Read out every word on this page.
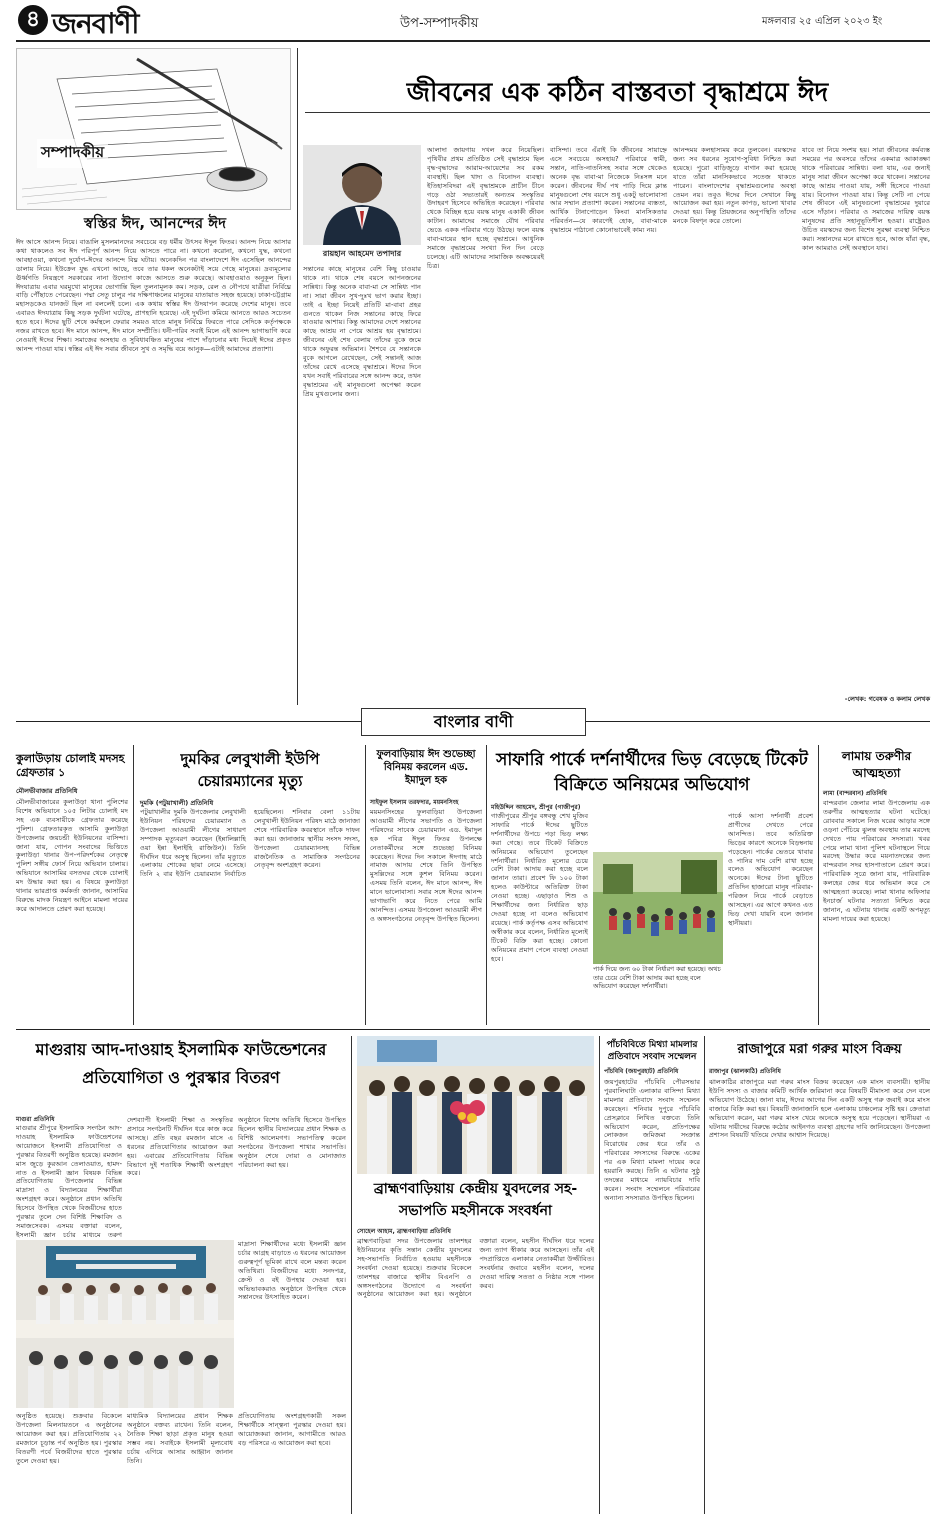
৪ জনবাণী	উপ-সম্পাদকীয়	মঙ্গলবার ২৫ এপ্রিল ২০২৩ ইং
সম্পাদকীয়
স্বস্তির ঈদ, আনন্দের ঈদ
ঈদ আসে আনন্দ নিয়ে। বাঙালি মুসলমানদের সবচেয়ে বড় ধর্মীয় উৎসব ঈদুল ফিতর। আনন্দ নিয়ে আসার কথা থাকলেও সব ঈদ পরিপূর্ণ আনন্দ নিয়ে আসতে পারে না। কখনো করোনা, কখনো যুদ্ধ, কখনো আবহাওয়া, কখনো দুর্যোগ–ঈদের আনন্দে বিঘ্ন ঘটায়। অনেকদিন পর বাংলাদেশে ঈদ এসেছিল আনন্দের ডালায় নিয়ে। ইউক্রেন যুদ্ধ এখনো আছে, তবে তার ধকল অনেকটাই সয়ে গেছে মানুষের। দ্রব্যমূল্যের ঊর্ধ্বগতি নিয়ন্ত্রণে সরকারের নানা উদ্যোগ কাজে আসতে শুরু করেছে। আবহাওয়াও অনুকূল ছিল। ঈদযাত্রায় এবার ঘরমুখো মানুষের ভোগান্তি ছিল তুলনামূলক কম। সড়ক, রেল ও নৌপথে যাত্রীরা নির্বিঘ্নে বাড়ি পৌঁছাতে পেরেছেন। পদ্মা সেতু চালুর পর দক্ষিণাঞ্চলের মানুষের যাতায়াত সহজ হয়েছে। ঢাকা-চট্টগ্রাম মহাসড়কেও যানজট ছিল না বললেই চলে। এক কথায় স্বস্তির ঈদ উদযাপন করেছে দেশের মানুষ। তবে এবারও ঈদযাত্রায় কিছু সড়ক দুর্ঘটনা ঘটেছে, প্রাণহানি হয়েছে। এই দুর্ঘটনা কমিয়ে আনতে আরও সচেতন হতে হবে। ঈদের ছুটি শেষে কর্মস্থলে ফেরার সময়ও যাতে মানুষ নির্বিঘ্নে ফিরতে পারে সেদিকে কর্তৃপক্ষকে নজর রাখতে হবে। ঈদ মানে আনন্দ, ঈদ মানে সম্প্রীতি। ধনী-গরিব সবাই মিলে এই আনন্দ ভাগাভাগি করে নেওয়াই ঈদের শিক্ষা। সমাজের অসহায় ও সুবিধাবঞ্চিত মানুষের পাশে দাঁড়ানোর মধ্য দিয়েই ঈদের প্রকৃত আনন্দ পাওয়া যায়। স্বস্তির এই ঈদ সবার জীবনে সুখ ও সমৃদ্ধি বয়ে আনুক—এটাই আমাদের প্রত্যাশা।
জীবনের এক কঠিন বাস্তবতা বৃদ্ধাশ্রমে ঈদ
রায়হান আহমেদ তপাদার
সন্তানের কাছে মানুষের বেশি কিছু চাওয়ার থাকে না। থাকে শেষ বয়সে আপনজনের সান্নিধ্য। কিন্তু অনেক বাবা-মা সে সান্নিধ্য পান না। সারা জীবন সুখ-দুঃখ ভাগ করার ইচ্ছা। তাই এ ইচ্ছা নিয়েই প্রতিটি মা-বাবা প্রহর গুনতে থাকেন নিজ সন্তানের কাছে ফিরে যাওয়ার আশায়। কিন্তু আমাদের দেশে সন্তানের কাছে আশ্রয় না পেয়ে আশ্রয় হয় বৃদ্ধাশ্রমে। জীবনের এই শেষ বেলায় তাঁদের বুকে জমে থাকে অফুরন্ত অভিমান। শৈশবে যে সন্তানকে বুকে আগলে রেখেছেন, সেই সন্তানই আজ তাঁদের রেখে এসেছে বৃদ্ধাশ্রমে। ঈদের দিনে যখন সবাই পরিবারের সঙ্গে আনন্দ করে, তখন বৃদ্ধাশ্রমের এই মানুষগুলো অপেক্ষা করেন প্রিয় মুখগুলোর জন্য।
আলাদা জায়গায় দখল করে নিয়েছিল। পৃথিবীর প্রথম প্রতিষ্ঠিত সেই বৃদ্ধাশ্রমে ছিল বৃদ্ধ-বৃদ্ধাদের আরাম-আয়েশের সব রকম ব্যবস্থাই। ছিল খাদ্য ও বিনোদন ব্যবস্থা। ইতিহাসবিদরা এই বৃদ্ধাশ্রমকে প্রাচীন চীনে গড়ে ওঠা সভ্যতারই অন্যতম সংস্কৃতির উদাহরণ হিসেবে অভিহিত করেছেন। পরিবার থেকে বিচ্ছিন্ন হয়ে বয়স্ক মানুষ একাকী জীবন কাটান। আমাদের সমাজে যৌথ পরিবার ভেঙে একক পরিবার গড়ে উঠছে। ফলে বয়স্ক বাবা-মায়ের স্থান হচ্ছে বৃদ্ধাশ্রমে। আধুনিক সমাজে বৃদ্ধাশ্রমের সংখ্যা দিন দিন বেড়ে চলেছে। এটি আমাদের সামাজিক অবক্ষয়েরই চিত্র।
বাসিন্দা। তবে এঁরাই কি জীবনের সায়াহ্নে এসে সবচেয়ে অসহায়? পরিবারে স্বামী, সন্তান, নাতি-নাতনিসহ সবার সঙ্গে থেকেও অনেক বৃদ্ধ বাবা-মা নিজেকে নিঃসঙ্গ মনে করেন। জীবনের দীর্ঘ পথ পাড়ি দিয়ে ক্লান্ত মানুষগুলো শেষ বয়সে শুধু একটু ভালোবাসা আর সম্মান প্রত্যাশা করেন। সন্তানের ব্যস্ততা, আর্থিক টানাপোড়েন কিংবা মানসিকতার পরিবর্তন—যে কারণেই হোক, বাবা-মাকে বৃদ্ধাশ্রমে পাঠানো কোনোভাবেই কাম্য নয়।
আনন্দময় কলহাস্যময় করে তুলবেন। বয়স্কদের জন্য সব ধরনের সুযোগ-সুবিধা নিশ্চিত করা হয়েছে। পুরো বাড়িজুড়ে বাগান করা হয়েছে যাতে তাঁরা মানসিকভাবে সতেজ থাকতে পারেন। বাংলাদেশের বৃদ্ধাশ্রমগুলোর অবস্থা তেমন নয়। তবুও ঈদের দিনে সেখানে কিছু আয়োজন করা হয়। নতুন কাপড়, ভালো খাবার দেওয়া হয়। কিন্তু প্রিয়জনের অনুপস্থিতি তাঁদের মনকে বিষণ্ন করে তোলে।
যাবে তা নিয়ে সংশয় হয়। সারা জীবনের কর্মব্যস্ত সময়ের পর অবসরে তাঁদের একমাত্র আকাঙ্ক্ষা থাকে পরিবারের সান্নিধ্য। বলা যায়, এর জন্যই মানুষ সারা জীবন অপেক্ষা করে থাকেন। সন্তানের কাছে আশ্রয় পাওয়া যায়, সঙ্গী হিসেবে পাওয়া যায়। বিনোদন পাওয়া যায়। কিন্তু সেটি না পেয়ে শেষ জীবনে এই মানুষগুলো বৃদ্ধাশ্রমের দুয়ারে এসে দাঁড়ান। পরিবার ও সমাজের দায়িত্ব বয়স্ক মানুষদের প্রতি সহানুভূতিশীল হওয়া। রাষ্ট্রেরও উচিত বয়স্কদের জন্য বিশেষ সুরক্ষা ব্যবস্থা নিশ্চিত করা। সন্তানদের মনে রাখতে হবে, আজ যাঁরা বৃদ্ধ, কাল আমরাও সেই অবস্থানে যাব।
-লেখক: গবেষক ও কলাম লেখক
বাংলার বাণী
কুলাউড়ায় চোলাই মদসহ গ্রেফতার ১
মৌলভীবাজার প্রতিনিধি
মৌলভীবাজারের কুলাউড়া থানা পুলিশের বিশেষ অভিযানে ১০৫ লিটার চোলাই মদ সহ এক ব্যবসায়ীকে গ্রেফতার করেছে পুলিশ। গ্রেফতারকৃত আসামি কুলাউড়া উপজেলার জয়চন্ডী ইউনিয়নের বাসিন্দা। জানা যায়, গোপন সংবাদের ভিত্তিতে কুলাউড়া থানার উপ-পরিদর্শকের নেতৃত্বে পুলিশ সঙ্গীয় ফোর্স নিয়ে অভিযান চালায়। অভিযানে আসামির বসতঘর থেকে চোলাই মদ উদ্ধার করা হয়। এ বিষয়ে কুলাউড়া থানার ভারপ্রাপ্ত কর্মকর্তা জানান, আসামির বিরুদ্ধে মাদক নিয়ন্ত্রণ আইনে মামলা দায়ের করে আদালতে প্রেরণ করা হয়েছে।
দুমকির লেবুখালী ইউপি চেয়ারম্যানের মৃত্যু
দুমকি (পটুয়াখালী) প্রতিনিধি
পটুয়াখালীর দুমকি উপজেলার লেবুখালী ইউনিয়ন পরিষদের চেয়ারম্যান ও উপজেলা আওয়ামী লীগের সাধারণ সম্পাদক মৃত্যুবরণ করেছেন (ইন্নালিল্লাহি ওয়া ইন্না ইলাইহি রাজিউন)। তিনি দীর্ঘদিন ধরে অসুস্থ ছিলেন। তাঁর মৃত্যুতে এলাকায় শোকের ছায়া নেমে এসেছে। তিনি ২ বার ইউপি চেয়ারম্যান নির্বাচিত হয়েছিলেন। শনিবার বেলা ১১টায় লেবুখালী ইউনিয়ন পরিষদ মাঠে জানাজা শেষে পারিবারিক কবরস্থানে তাঁকে দাফন করা হয়। জানাজায় স্থানীয় সংসদ সদস্য, উপজেলা চেয়ারম্যানসহ বিভিন্ন রাজনৈতিক ও সামাজিক সংগঠনের নেতৃবৃন্দ অংশগ্রহণ করেন।
ফুলবাড়িয়ায় ঈদ শুভেচ্ছা বিনিময় করলেন এড. ইমাদুল হক
সাইফুল ইসলাম তরফদার, ময়মনসিংহ
ময়মনসিংহের ফুলবাড়িয়া উপজেলা আওয়ামী লীগের সভাপতি ও উপজেলা পরিষদের সাবেক চেয়ারম্যান এড. ইমাদুল হক পবিত্র ঈদুল ফিতর উপলক্ষে নেতাকর্মীদের সঙ্গে শুভেচ্ছা বিনিময় করেছেন। ঈদের দিন সকালে ঈদগাহ মাঠে নামাজ আদায় শেষে তিনি উপস্থিত মুসল্লিদের সঙ্গে কুশল বিনিময় করেন। এসময় তিনি বলেন, ঈদ মানে আনন্দ, ঈদ মানে ভালোবাসা। সবার সঙ্গে ঈদের আনন্দ ভাগাভাগি করে নিতে পেরে আমি আনন্দিত। এসময় উপজেলা আওয়ামী লীগ ও অঙ্গসংগঠনের নেতৃবৃন্দ উপস্থিত ছিলেন।
সাফারি পার্কে দর্শনার্থীদের ভিড় বেড়েছে টিকেট বিক্রিতে অনিয়মের অভিযোগ
মহিউদ্দিন আহমেদ, শ্রীপুর (গাজীপুর)
গাজীপুরের শ্রীপুর বঙ্গবন্ধু শেখ মুজিব সাফারি পার্কে ঈদের ছুটিতে দর্শনার্থীদের উপচে পড়া ভিড় লক্ষ্য করা গেছে। তবে টিকেট বিক্রিতে অনিয়মের অভিযোগ তুলেছেন দর্শনার্থীরা। নির্ধারিত মূল্যের চেয়ে বেশি টাকা আদায় করা হচ্ছে বলে জানান তারা। প্রবেশ ফি ১০০ টাকা হলেও কাউন্টারে অতিরিক্ত টাকা নেওয়া হচ্ছে। এছাড়াও শিশু ও শিক্ষার্থীদের জন্য নির্ধারিত ছাড় দেওয়া হচ্ছে না বলেও অভিযোগ রয়েছে। পার্ক কর্তৃপক্ষ এসব অভিযোগ অস্বীকার করে বলেন, নির্ধারিত মূল্যেই টিকেট বিক্রি করা হচ্ছে। কোনো অনিয়মের প্রমাণ পেলে ব্যবস্থা নেওয়া হবে।
পার্ক দিয়ে জন্য ৬০ টাকা নির্ধারণ করা হয়েছে। অথচ তার চেয়ে বেশি টাকা আদায় করা হচ্ছে বলে অভিযোগ করেছেন দর্শনার্থীরা।
পার্কে আসা দর্শনার্থী প্রবেশ প্রাণীদের দেখতে পেরে আনন্দিত। তবে অতিরিক্ত ভিড়ের কারণে অনেকে বিড়ম্বনায় পড়েছেন। পার্কের ভেতরে খাবার ও পানির দাম বেশি রাখা হচ্ছে বলেও অভিযোগ করেছেন অনেকে। ঈদের টানা ছুটিতে প্রতিদিন হাজারো মানুষ পরিবার-পরিজন নিয়ে পার্কে বেড়াতে আসছেন। এর আগে কখনও এত ভিড় দেখা যায়নি বলে জানান স্থানীয়রা।
লামায় তরুণীর আত্মহত্যা
লামা (বান্দরবান) প্রতিনিধি
বান্দরবান জেলার লামা উপজেলায় এক তরুণীর আত্মহত্যার ঘটনা ঘটেছে। রোববার সকালে নিজ ঘরের আড়ার সঙ্গে ওড়না পেঁচিয়ে ঝুলন্ত অবস্থায় তার মরদেহ দেখতে পায় পরিবারের সদস্যরা। খবর পেয়ে লামা থানা পুলিশ ঘটনাস্থলে গিয়ে মরদেহ উদ্ধার করে ময়নাতদন্তের জন্য বান্দরবান সদর হাসপাতালে প্রেরণ করে। পারিবারিক সূত্রে জানা যায়, পারিবারিক কলহের জের ধরে অভিমান করে সে আত্মহত্যা করেছে। লামা থানার অফিসার ইনচার্জ ঘটনার সত্যতা নিশ্চিত করে জানান, এ ঘটনায় থানায় একটি অপমৃত্যু মামলা দায়ের করা হয়েছে।
মাগুরায় আদ-দাওয়াহ ইসলামিক ফাউন্ডেশনের প্রতিযোগিতা ও পুরস্কার বিতরণ
মাগুরা প্রতিনিধি
মাগুরার শ্রীপুরে ইসলামিক সংগঠন আদ-দাওয়াহ ইসলামিক ফাউন্ডেশনের আয়োজনে ইসলামী প্রতিযোগিতা ও পুরস্কার বিতরণী অনুষ্ঠিত হয়েছে। রমজান মাস জুড়ে কুরআন তেলাওয়াত, হামদ-নাত ও ইসলামী জ্ঞান বিষয়ক বিভিন্ন প্রতিযোগিতায় উপজেলার বিভিন্ন মাদ্রাসা ও বিদ্যালয়ের শিক্ষার্থীরা অংশগ্রহণ করে। অনুষ্ঠানে প্রধান অতিথি হিসেবে উপস্থিত থেকে বিজয়ীদের হাতে পুরস্কার তুলে দেন বিশিষ্ট শিক্ষাবিদ ও সমাজসেবক। এসময় বক্তারা বলেন, ইসলামী জ্ঞান চর্চার মাধ্যমে তরুণ
দেশব্যাপী ইসলামী শিক্ষা ও সংস্কৃতির প্রসারে সংগঠনটি দীর্ঘদিন ধরে কাজ করে আসছে। প্রতি বছর রমজান মাসে এ ধরনের প্রতিযোগিতার আয়োজন করা হয়। এবারের প্রতিযোগিতায় বিভিন্ন বিভাগে দুই শতাধিক শিক্ষার্থী অংশগ্রহণ করে।
অনুষ্ঠানে বিশেষ অতিথি হিসেবে উপস্থিত ছিলেন স্থানীয় বিদ্যালয়ের প্রধান শিক্ষক ও বিশিষ্ট আলেমগণ। সভাপতিত্ব করেন সংগঠনের উপজেলা শাখার সভাপতি। অনুষ্ঠান শেষে দোয়া ও মোনাজাত পরিচালনা করা হয়।
মাদ্রাসা শিক্ষার্থীদের মধ্যে ইসলামী জ্ঞান চর্চার আগ্রহ বাড়াতে এ ধরনের আয়োজন গুরুত্বপূর্ণ ভূমিকা রাখে বলে মন্তব্য করেন অতিথিরা। বিজয়ীদের মধ্যে সনদপত্র, ক্রেস্ট ও বই উপহার দেওয়া হয়। অভিভাবকরাও অনুষ্ঠানে উপস্থিত থেকে সন্তানদের উৎসাহিত করেন।
অনুষ্ঠিত হয়েছে। শুক্রবার বিকেলে উপজেলা মিলনায়তনে এ অনুষ্ঠানের আয়োজন করা হয়। প্রতিযোগিতায় ২২ রমজানে চূড়ান্ত পর্ব অনুষ্ঠিত হয়। পুরস্কার বিতরণী পর্বে বিজয়ীদের হাতে পুরস্কার তুলে দেওয়া হয়।
মাধ্যমিক বিদ্যালয়ের প্রধান শিক্ষক অনুষ্ঠানে বক্তব্য রাখেন। তিনি বলেন, নৈতিক শিক্ষা ছাড়া প্রকৃত মানুষ হওয়া সম্ভব নয়। সবাইকে ইসলামী মূল্যবোধ চর্চায় এগিয়ে আসার আহ্বান জানান তিনি।
প্রতিযোগিতায় অংশগ্রহণকারী সকল শিক্ষার্থীকে সান্ত্বনা পুরস্কার দেওয়া হয়। আয়োজকরা জানান, আগামীতে আরও বড় পরিসরে এ আয়োজন করা হবে।
ব্রাহ্মণবাড়িয়ায় কেন্দ্রীয় যুবদলের সহ-সভাপতি মহসীনকে সংবর্ধনা
সোহেল আহাম, ব্রাহ্মণবাড়িয়া প্রতিনিধি
ব্রাহ্মণবাড়িয়া সদর উপজেলার তালশহর ইউনিয়নের কৃতি সন্তান কেন্দ্রীয় যুবদলের সহ-সভাপতি নির্বাচিত হওয়ায় মহসীনকে সংবর্ধনা দেওয়া হয়েছে। শুক্রবার বিকেলে তালশহর বাজারে স্থানীয় বিএনপি ও অঙ্গসংগঠনের উদ্যোগে এ সংবর্ধনা অনুষ্ঠানের আয়োজন করা হয়। অনুষ্ঠানে বক্তারা বলেন, মহসীন দীর্ঘদিন ধরে দলের জন্য ত্যাগ স্বীকার করে আসছেন। তাঁর এই পদপ্রাপ্তিতে এলাকার নেতাকর্মীরা উজ্জীবিত। সংবর্ধনার জবাবে মহসীন বলেন, দলের দেওয়া দায়িত্ব সততা ও নিষ্ঠার সঙ্গে পালন করব।
পাঁচবিবিতে মিথ্যা মামলার প্রতিবাদে সংবাদ সম্মেলন
পাঁচবিবি (জয়পুরহাট) প্রতিনিধি
জয়পুরহাটের পাঁচবিবি পৌরসভার পুরবালিঘাটা এলাকার বাসিন্দা মিথ্যা মামলার প্রতিবাদে সংবাদ সম্মেলন করেছেন। শনিবার দুপুরে পাঁচবিবি প্রেসক্লাবে লিখিত বক্তব্যে তিনি অভিযোগ করেন, প্রতিপক্ষের লোকজন জমিজমা সংক্রান্ত বিরোধের জের ধরে তাঁর ও পরিবারের সদস্যদের বিরুদ্ধে একের পর এক মিথ্যা মামলা দায়ের করে হয়রানি করছে। তিনি এ ঘটনার সুষ্ঠু তদন্তের মাধ্যমে ন্যায়বিচার দাবি করেন। সংবাদ সম্মেলনে পরিবারের অন্যান্য সদস্যরাও উপস্থিত ছিলেন।
রাজাপুরে মরা গরুর মাংস বিক্রয়
রাজাপুর (ঝালকাঠি) প্রতিনিধি
ঝালকাঠির রাজাপুরে মরা গরুর মাংস বিক্রয় করেছেন এক মাংস ব্যবসায়ী। স্থানীয় ইউপি সদস্য ও বাজার কমিটি আর্থিক জরিমানা করে বিষয়টি মীমাংসা করে দেন বলে অভিযোগ উঠেছে। জানা যায়, ঈদের আগের দিন একটি অসুস্থ গরু জবাই করে মাংস বাজারে বিক্রি করা হয়। বিষয়টি জানাজানি হলে এলাকায় চাঞ্চল্যের সৃষ্টি হয়। ক্রেতারা অভিযোগ করেন, মরা গরুর মাংস খেয়ে অনেকে অসুস্থ হয়ে পড়েছেন। স্থানীয়রা এ ঘটনায় দায়ীদের বিরুদ্ধে কঠোর আইনগত ব্যবস্থা গ্রহণের দাবি জানিয়েছেন। উপজেলা প্রশাসন বিষয়টি খতিয়ে দেখার আশ্বাস দিয়েছে।
